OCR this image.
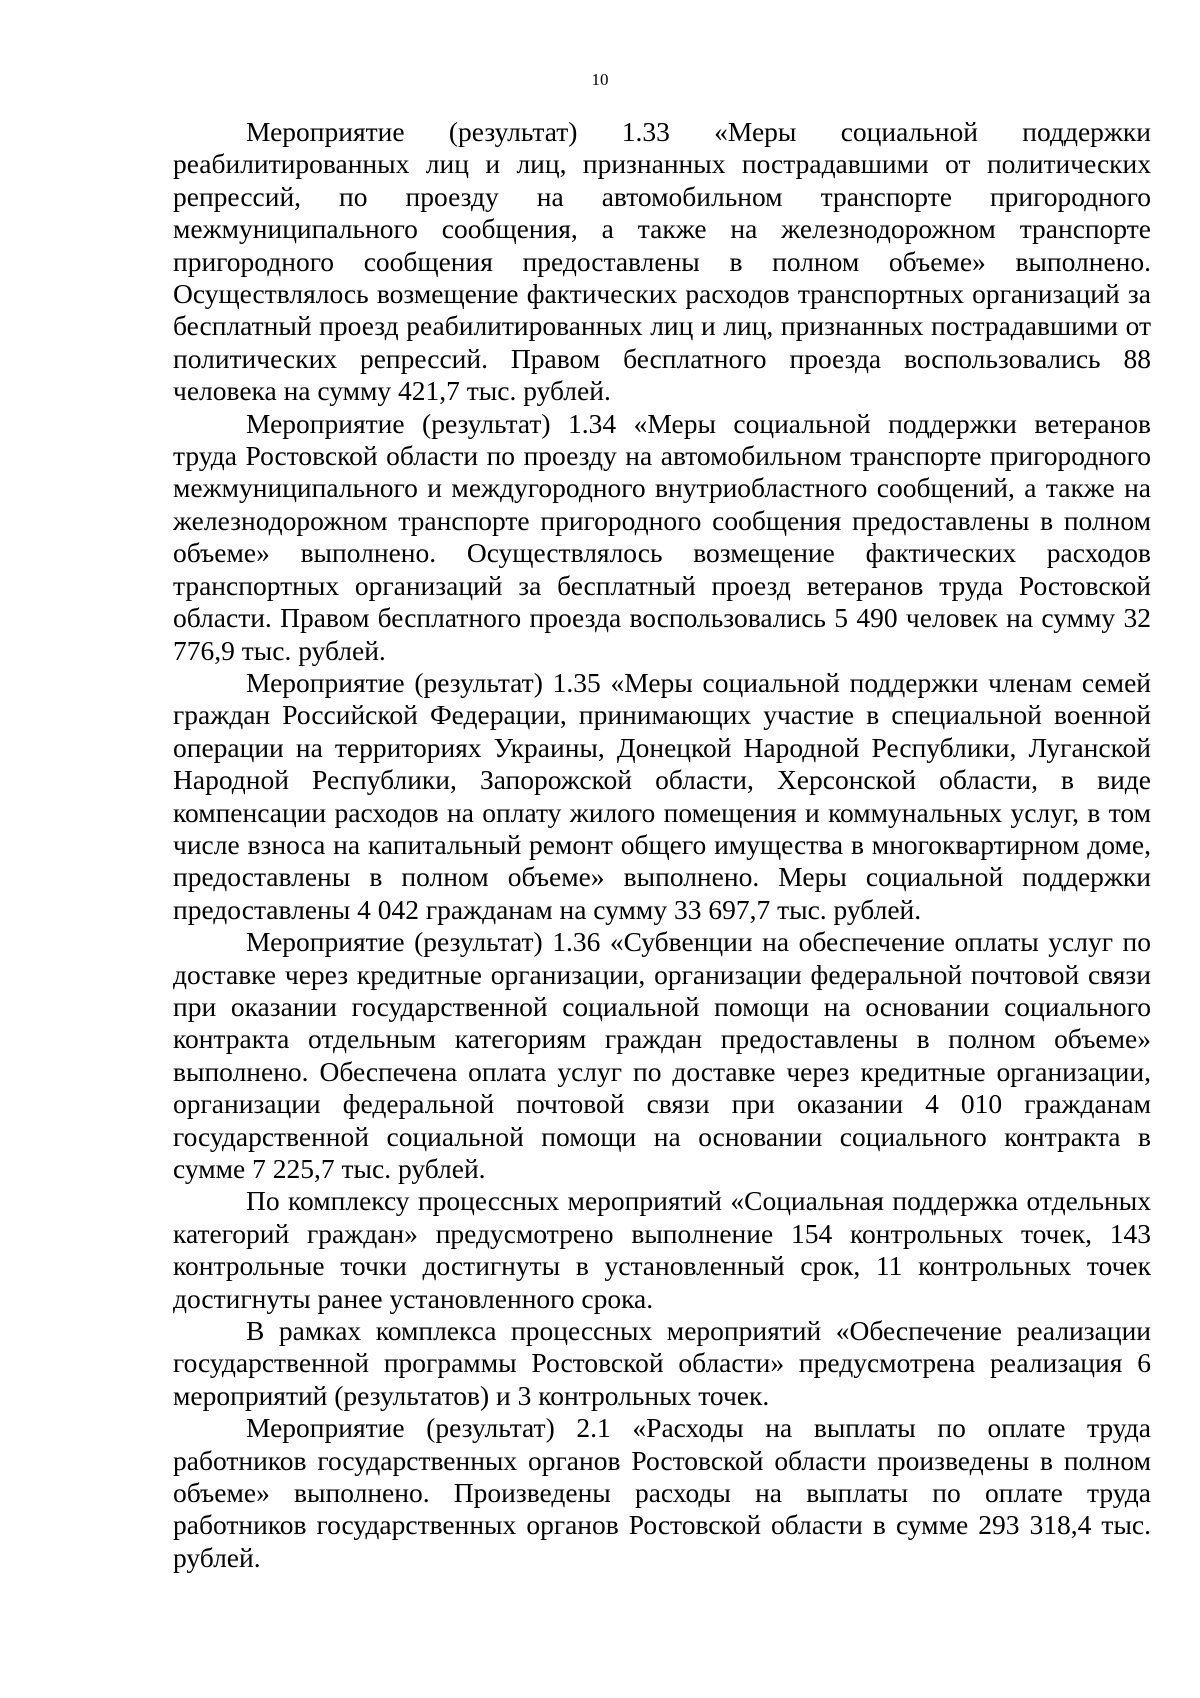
10

Мероприятие (результат) 1.33 «Меры социальной поддержки реабилитированных лиц и лиц, признанных пострадавшими от политических репрессий, по проезду на автомобильном транспорте пригородного межмуниципального сообщения, а также на железнодорожном транспорте пригородного сообщения предоставлены в полном объеме» выполнено. Осуществлялось возмещение фактических расходов транспортных организаций за бесплатный проезд реабилитированных лиц и лиц, признанных пострадавшими от политических репрессий. Правом бесплатного проезда воспользовались 88 человека на сумму 421,7 тыс. рублей.

Мероприятие (результат) 1.34 «Меры социальной поддержки ветеранов труда Ростовской области по проезду на автомобильном транспорте пригородного межмуниципального и междугородного внутриобластного сообщений, а также на железнодорожном транспорте пригородного сообщения предоставлены в полном объеме» выполнено. Осуществлялось возмещение фактических расходов транспортных организаций за бесплатный проезд ветеранов труда Ростовской области. Правом бесплатного проезда воспользовались 5 490 человек на сумму 32 776,9 тыс. рублей.

Мероприятие (результат) 1.35 «Меры социальной поддержки членам семей граждан Российской Федерации, принимающих участие в специальной военной операции на территориях Украины, Донецкой Народной Республики, Луганской Народной Республики, Запорожской области, Херсонской области, в виде компенсации расходов на оплату жилого помещения и коммунальных услуг, в том числе взноса на капитальный ремонт общего имущества в многоквартирном доме, предоставлены в полном объеме» выполнено. Меры социальной поддержки предоставлены 4 042 гражданам на сумму 33 697,7 тыс. рублей.

Мероприятие (результат) 1.36 «Субвенции на обеспечение оплаты услуг по доставке через кредитные организации, организации федеральной почтовой связи при оказании государственной социальной помощи на основании социального контракта отдельным категориям граждан предоставлены в полном объеме» выполнено. Обеспечена оплата услуг по доставке через кредитные организации, организации федеральной почтовой связи при оказании 4 010 гражданам государственной социальной помощи на основании социального контракта в сумме 7 225,7 тыс. рублей.

По комплексу процессных мероприятий «Социальная поддержка отдельных категорий граждан» предусмотрено выполнение 154 контрольных точек, 143 контрольные точки достигнуты в установленный срок, 11 контрольных точек достигнуты ранее установленного срока.

В рамках комплекса процессных мероприятий «Обеспечение реализации государственной программы Ростовской области» предусмотрена реализация 6 мероприятий (результатов) и 3 контрольных точек.

Мероприятие (результат) 2.1 «Расходы на выплаты по оплате труда работников государственных органов Ростовской области произведены в полном объеме» выполнено. Произведены расходы на выплаты по оплате труда работников государственных органов Ростовской области в сумме 293 318,4 тыс. рублей.
